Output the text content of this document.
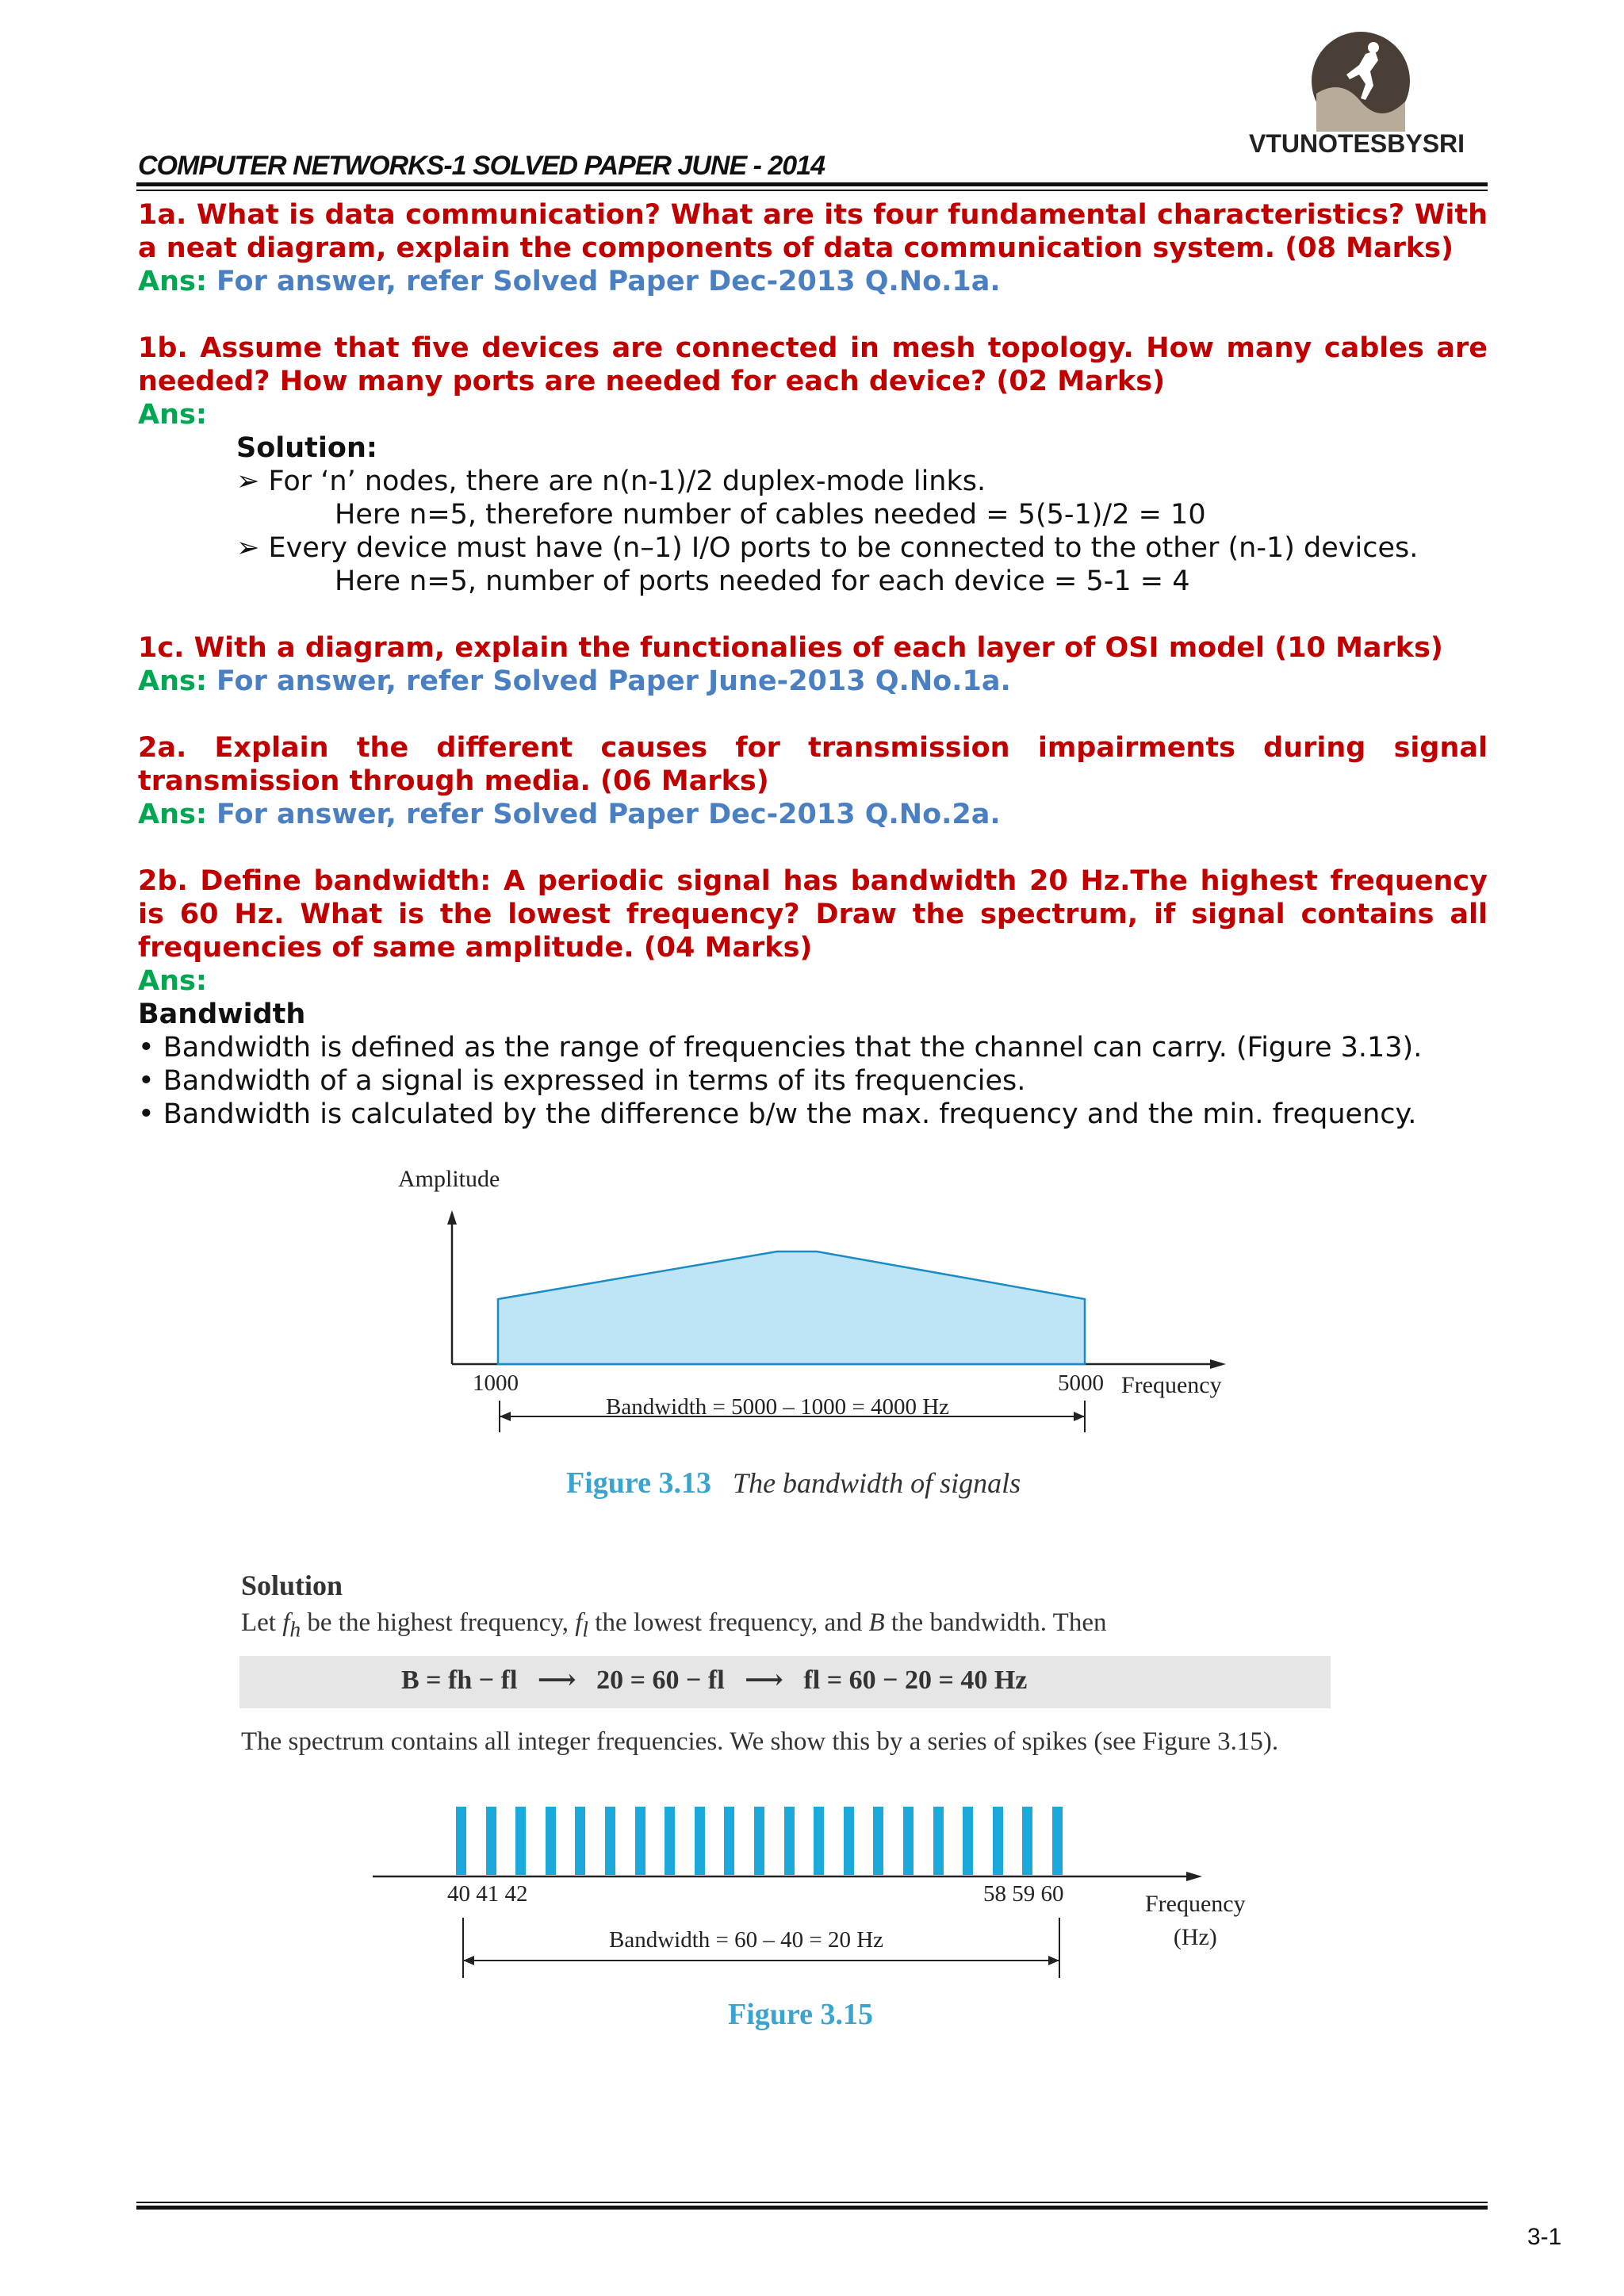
VTUNOTESBYSRI
COMPUTER NETWORKS-1 SOLVED PAPER JUNE - 2014
1a. What is data communication? What are its four fundamental characteristics? With a neat diagram, explain the components of data communication system. (08 Marks)
Ans: For answer, refer Solved Paper Dec-2013 Q.No.1a.
1b. Assume that five devices are connected in mesh topology. How many cables are needed? How many ports are needed for each device? (02 Marks)
Ans:
Solution:
➢ For ‘n’ nodes, there are n(n-1)/2 duplex-mode links.
Here n=5, therefore number of cables needed = 5(5-1)/2 = 10
➢ Every device must have (n–1) I/O ports to be connected to the other (n-1) devices.
Here n=5, number of ports needed for each device = 5-1 = 4
1c. With a diagram, explain the functionalies of each layer of OSI model (10 Marks)
Ans: For answer, refer Solved Paper June-2013 Q.No.1a.
2a. Explain the different causes for transmission impairments during signal transmission through media. (06 Marks)
Ans: For answer, refer Solved Paper Dec-2013 Q.No.2a.
2b. Define bandwidth: A periodic signal has bandwidth 20 Hz.The highest frequency is 60 Hz. What is the lowest frequency? Draw the spectrum, if signal contains all frequencies of same amplitude. (04 Marks)
Ans:
Bandwidth
• Bandwidth is defined as the range of frequencies that the channel can carry. (Figure 3.13).
• Bandwidth of a signal is expressed in terms of its frequencies.
• Bandwidth is calculated by the difference b/w the max. frequency and the min. frequency.
Amplitude
1000	5000 Frequency
Bandwidth = 5000 – 1000 = 4000 Hz
Figure 3.13 The bandwidth of signals
Solution
Let $f_h$ be the highest frequency, $f_l$ the lowest frequency, and B the bandwidth. Then
B = fh − fl   ⟶   20 = 60 − fl   ⟶   fl = 60 − 20 = 40 Hz
The spectrum contains all integer frequencies. We show this by a series of spikes (see Figure 3.15).
40 41 42	58 59 60	Frequency
(Hz)
Bandwidth = 60 – 40 = 20 Hz
Figure 3.15
3-1
